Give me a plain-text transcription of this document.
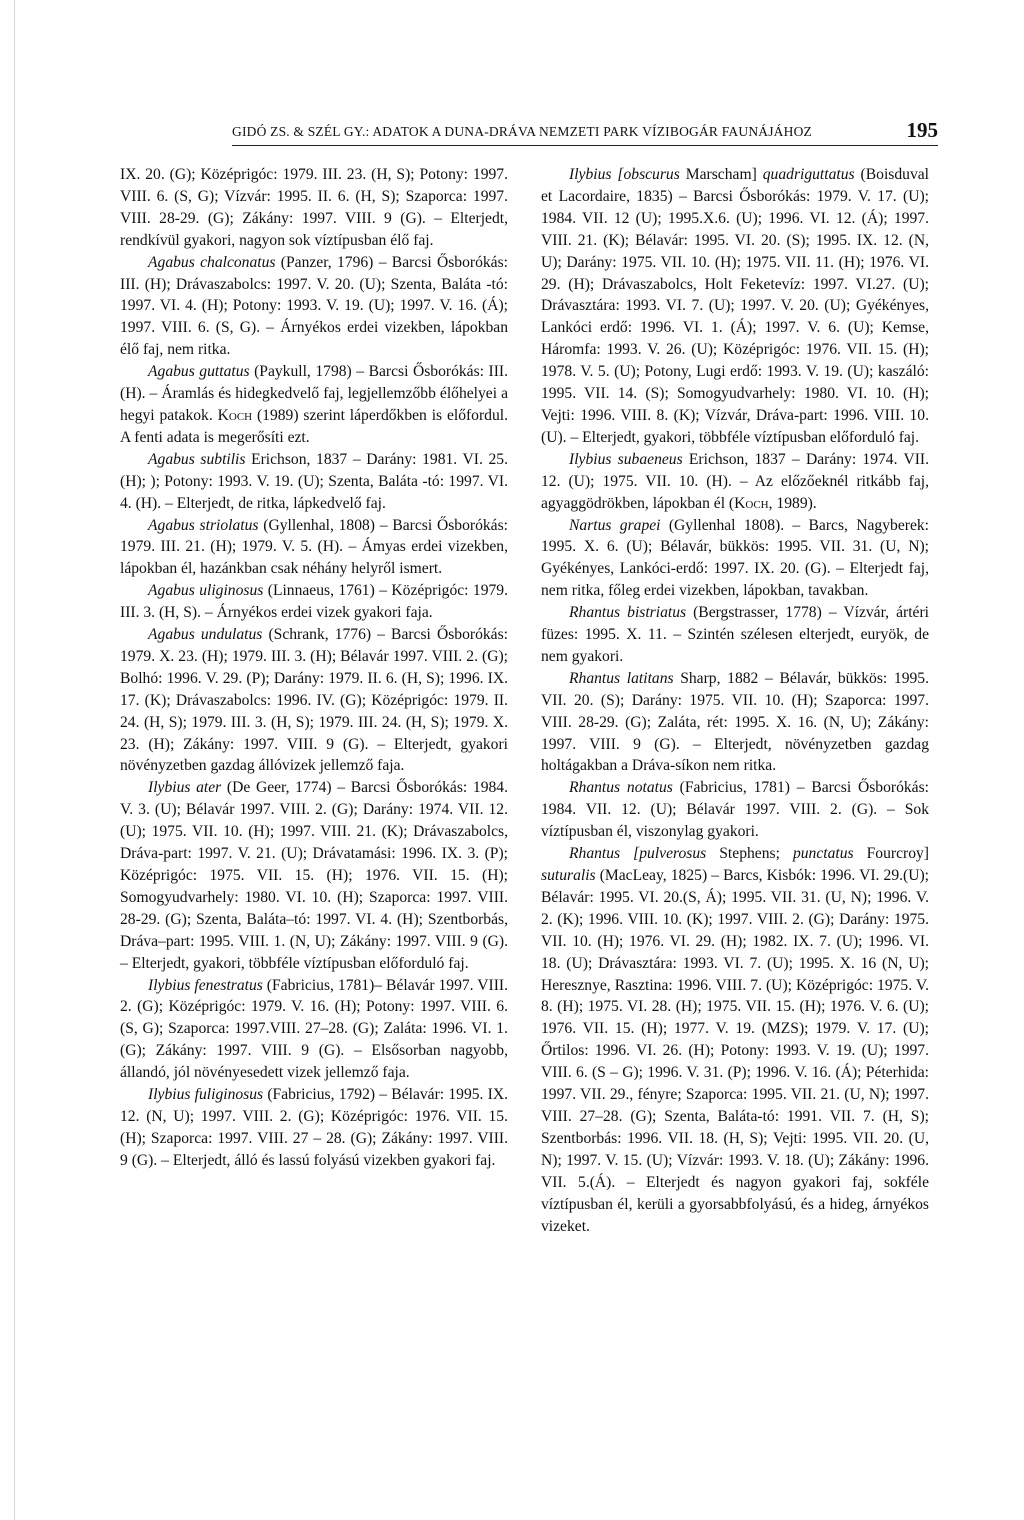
GIDÓ ZS. & SZÉL GY.: ADATOK A DUNA-DRÁVA NEMZETI PARK VÍZIBOGÁR FAUNÁJÁHOZ	195

IX. 20. (G); Középrigóc: 1979. III. 23. (H, S); Potony: 1997. VIII. 6. (S, G); Vízvár: 1995. II. 6. (H, S); Szaporca: 1997. VIII. 28-29. (G); Zákány: 1997. VIII. 9 (G). – Elterjedt, rendkívül gyakori, nagyon sok víztípusban élő faj.

Agabus chalconatus (Panzer, 1796) – Barcsi Ősborókás: III. (H); Drávaszabolcs: 1997. V. 20. (U); Szenta, Baláta -tó: 1997. VI. 4. (H); Potony: 1993. V. 19. (U); 1997. V. 16. (Á); 1997. VIII. 6. (S, G). – Árnyékos erdei vizekben, lápokban élő faj, nem ritka.

Agabus guttatus (Paykull, 1798) – Barcsi Ősborókás: III. (H). – Áramlás és hidegkedvelő faj, legjellemzőbb élőhelyei a hegyi patakok. Koch (1989) szerint láperdőkben is előfordul. A fenti adata is megerősíti ezt.

Agabus subtilis Erichson, 1837 – Darány: 1981. VI. 25. (H); ); Potony: 1993. V. 19. (U); Szenta, Baláta -tó: 1997. VI. 4. (H). – Elterjedt, de ritka, lápkedvelő faj.

Agabus striolatus (Gyllenhal, 1808) – Barcsi Ősborókás: 1979. III. 21. (H); 1979. V. 5. (H). – Ámyas erdei vizekben, lápokban él, hazánkban csak néhány helyről ismert.

Agabus uliginosus (Linnaeus, 1761) – Középrigóc: 1979. III. 3. (H, S). – Árnyékos erdei vizek gyakori faja.

Agabus undulatus (Schrank, 1776) – Barcsi Ősborókás: 1979. X. 23. (H); 1979. III. 3. (H); Bélavár 1997. VIII. 2. (G); Bolhó: 1996. V. 29. (P); Darány: 1979. II. 6. (H, S); 1996. IX. 17. (K); Drávaszabolcs: 1996. IV. (G); Középrigóc: 1979. II. 24. (H, S); 1979. III. 3. (H, S); 1979. III. 24. (H, S); 1979. X. 23. (H); Zákány: 1997. VIII. 9 (G). – Elterjedt, gyakori növényzetben gazdag állóvizek jellemző faja.

Ilybius ater (De Geer, 1774) – Barcsi Ősborókás: 1984. V. 3. (U); Bélavár 1997. VIII. 2. (G); Darány: 1974. VII. 12. (U); 1975. VII. 10. (H); 1997. VIII. 21. (K); Drávaszabolcs, Dráva-part: 1997. V. 21. (U); Drávatamási: 1996. IX. 3. (P); Középrigóc: 1975. VII. 15. (H); 1976. VII. 15. (H); Somogyudvarhely: 1980. VI. 10. (H); Szaporca: 1997. VIII. 28-29. (G); Szenta, Baláta–tó: 1997. VI. 4. (H); Szentborbás, Dráva–part: 1995. VIII. 1. (N, U); Zákány: 1997. VIII. 9 (G). – Elterjedt, gyakori, többféle víztípusban előforduló faj.

Ilybius fenestratus (Fabricius, 1781)– Bélavár 1997. VIII. 2. (G); Középrigóc: 1979. V. 16. (H); Potony: 1997. VIII. 6. (S, G); Szaporca: 1997.VIII. 27–28. (G); Zaláta: 1996. VI. 1. (G); Zákány: 1997. VIII. 9 (G). – Elsősorban nagyobb, állandó, jól növényesedett vizek jellemző faja.

Ilybius fuliginosus (Fabricius, 1792) – Bélavár: 1995. IX. 12. (N, U); 1997. VIII. 2. (G); Középrigóc: 1976. VII. 15. (H); Szaporca: 1997. VIII. 27 – 28. (G); Zákány: 1997. VIII. 9 (G). – Elterjedt, álló és lassú folyású vizekben gyakori faj.

Ilybius [obscurus Marscham] quadriguttatus (Boisduval et Lacordaire, 1835) – Barcsi Ősborókás: 1979. V. 17. (U); 1984. VII. 12 (U); 1995.X.6. (U); 1996. VI. 12. (Á); 1997. VIII. 21. (K); Bélavár: 1995. VI. 20. (S); 1995. IX. 12. (N, U); Darány: 1975. VII. 10. (H); 1975. VII. 11. (H); 1976. VI. 29. (H); Drávaszabolcs, Holt Feketevíz: 1997. VI.27. (U); Drávasztára: 1993. VI. 7. (U); 1997. V. 20. (U); Gyékényes, Lankóci erdő: 1996. VI. 1. (Á); 1997. V. 6. (U); Kemse, Háromfa: 1993. V. 26. (U); Középrigóc: 1976. VII. 15. (H); 1978. V. 5. (U); Potony, Lugi erdő: 1993. V. 19. (U); kaszáló: 1995. VII. 14. (S); Somogyudvarhely: 1980. VI. 10. (H); Vejti: 1996. VIII. 8. (K); Vízvár, Dráva-part: 1996. VIII. 10. (U). – Elterjedt, gyakori, többféle víztípusban előforduló faj.

Ilybius subaeneus Erichson, 1837 – Darány: 1974. VII. 12. (U); 1975. VII. 10. (H). – Az előzőeknél ritkább faj, agyaggödrökben, lápokban él (Koch, 1989).

Nartus grapei (Gyllenhal 1808). – Barcs, Nagyberek: 1995. X. 6. (U); Bélavár, bükkös: 1995. VII. 31. (U, N); Gyékényes, Lankóci-erdő: 1997. IX. 20. (G). – Elterjedt faj, nem ritka, főleg erdei vizekben, lápokban, tavakban.

Rhantus bistriatus (Bergstrasser, 1778) – Vízvár, ártéri füzes: 1995. X. 11. – Szintén szélesen elterjedt, euryök, de nem gyakori.

Rhantus latitans Sharp, 1882 – Bélavár, bükkös: 1995. VII. 20. (S); Darány: 1975. VII. 10. (H); Szaporca: 1997. VIII. 28-29. (G); Zaláta, rét: 1995. X. 16. (N, U); Zákány: 1997. VIII. 9 (G). – Elterjedt, növényzetben gazdag holtágakban a Dráva-síkon nem ritka.

Rhantus notatus (Fabricius, 1781) – Barcsi Ősborókás: 1984. VII. 12. (U); Bélavár 1997. VIII. 2. (G). – Sok víztípusban él, viszonylag gyakori.

Rhantus [pulverosus Stephens; punctatus Fourcroy] suturalis (MacLeay, 1825) – Barcs, Kisbók: 1996. VI. 29.(U); Bélavár: 1995. VI. 20.(S, Á); 1995. VII. 31. (U, N); 1996. V. 2. (K); 1996. VIII. 10. (K); 1997. VIII. 2. (G); Darány: 1975. VII. 10. (H); 1976. VI. 29. (H); 1982. IX. 7. (U); 1996. VI. 18. (U); Drávasztára: 1993. VI. 7. (U); 1995. X. 16 (N, U); Heresznye, Rasztina: 1996. VIII. 7. (U); Középrigóc: 1975. V. 8. (H); 1975. VI. 28. (H); 1975. VII. 15. (H); 1976. V. 6. (U); 1976. VII. 15. (H); 1977. V. 19. (MZS); 1979. V. 17. (U); Őrtilos: 1996. VI. 26. (H); Potony: 1993. V. 19. (U); 1997. VIII. 6. (S – G); 1996. V. 31. (P); 1996. V. 16. (Á); Péterhida: 1997. VII. 29., fényre; Szaporca: 1995. VII. 21. (U, N); 1997. VIII. 27–28. (G); Szenta, Baláta-tó: 1991. VII. 7. (H, S); Szentborbás: 1996. VII. 18. (H, S); Vejti: 1995. VII. 20. (U, N); 1997. V. 15. (U); Vízvár: 1993. V. 18. (U); Zákány: 1996. VII. 5.(Á). – Elterjedt és nagyon gyakori faj, sokféle víztípusban él, kerüli a gyorsabbfolyású, és a hideg, árnyékos vizeket.
